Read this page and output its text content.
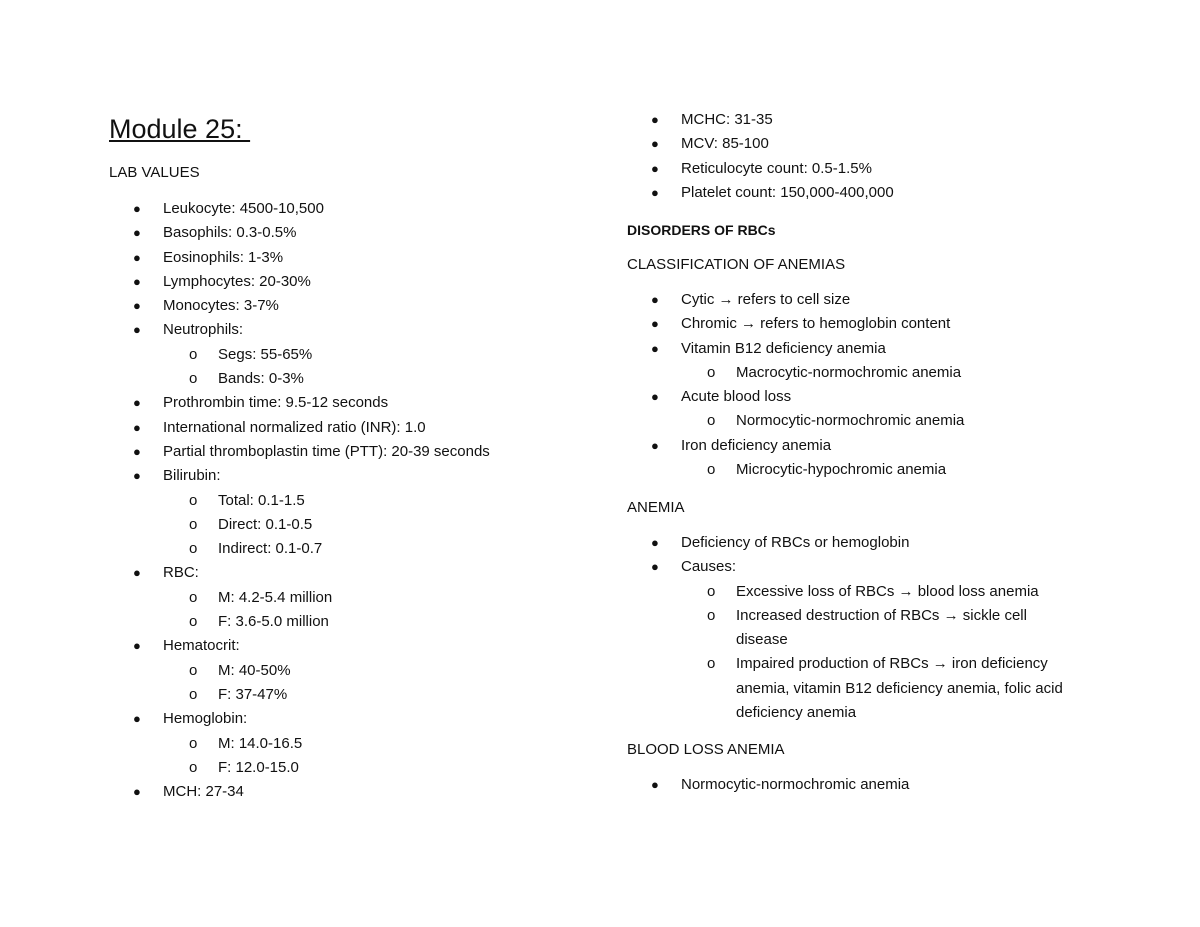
Module 25:

LAB VALUES

● Leukocyte: 4500-10,500
● Basophils: 0.3-0.5%
● Eosinophils: 1-3%
● Lymphocytes: 20-30%
● Monocytes: 3-7%
● Neutrophils:
o Segs: 55-65%
o Bands: 0-3%
● Prothrombin time: 9.5-12 seconds
● International normalized ratio (INR): 1.0
● Partial thromboplastin time (PTT): 20-39 seconds
● Bilirubin:
o Total: 0.1-1.5
o Direct: 0.1-0.5
o Indirect: 0.1-0.7
● RBC:
o M: 4.2-5.4 million
o F: 3.6-5.0 million
● Hematocrit:
o M: 40-50%
o F: 37-47%
● Hemoglobin:
o M: 14.0-16.5
o F: 12.0-15.0
● MCH: 27-34
● MCHC: 31-35
● MCV: 85-100
● Reticulocyte count: 0.5-1.5%
● Platelet count: 150,000-400,000

DISORDERS OF RBCs

CLASSIFICATION OF ANEMIAS

● Cytic → refers to cell size
● Chromic → refers to hemoglobin content
● Vitamin B12 deficiency anemia
o Macrocytic-normochromic anemia
● Acute blood loss
o Normocytic-normochromic anemia
● Iron deficiency anemia
o Microcytic-hypochromic anemia

ANEMIA

● Deficiency of RBCs or hemoglobin
● Causes:
o Excessive loss of RBCs → blood loss anemia
o Increased destruction of RBCs → sickle cell disease
o Impaired production of RBCs → iron deficiency anemia, vitamin B12 deficiency anemia, folic acid deficiency anemia

BLOOD LOSS ANEMIA

● Normocytic-normochromic anemia
